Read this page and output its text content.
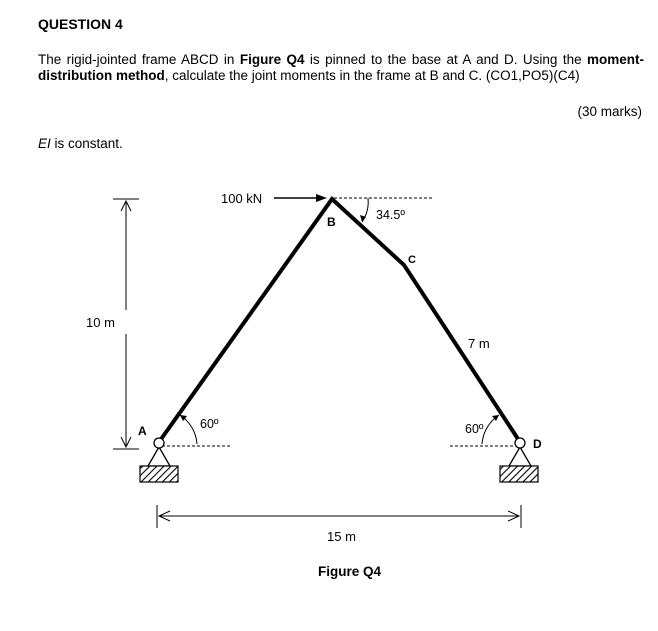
QUESTION 4

The rigid-jointed frame ABCD in Figure Q4 is pinned to the base at A and D. Using the moment-distribution method, calculate the joint moments in the frame at B and C. (CO1,PO5)(C4)

(30 marks)
EI is constant.
100 kN
B	34.5º
C
10 m
7 m
A	60º	60º
D
15 m
Figure Q4
